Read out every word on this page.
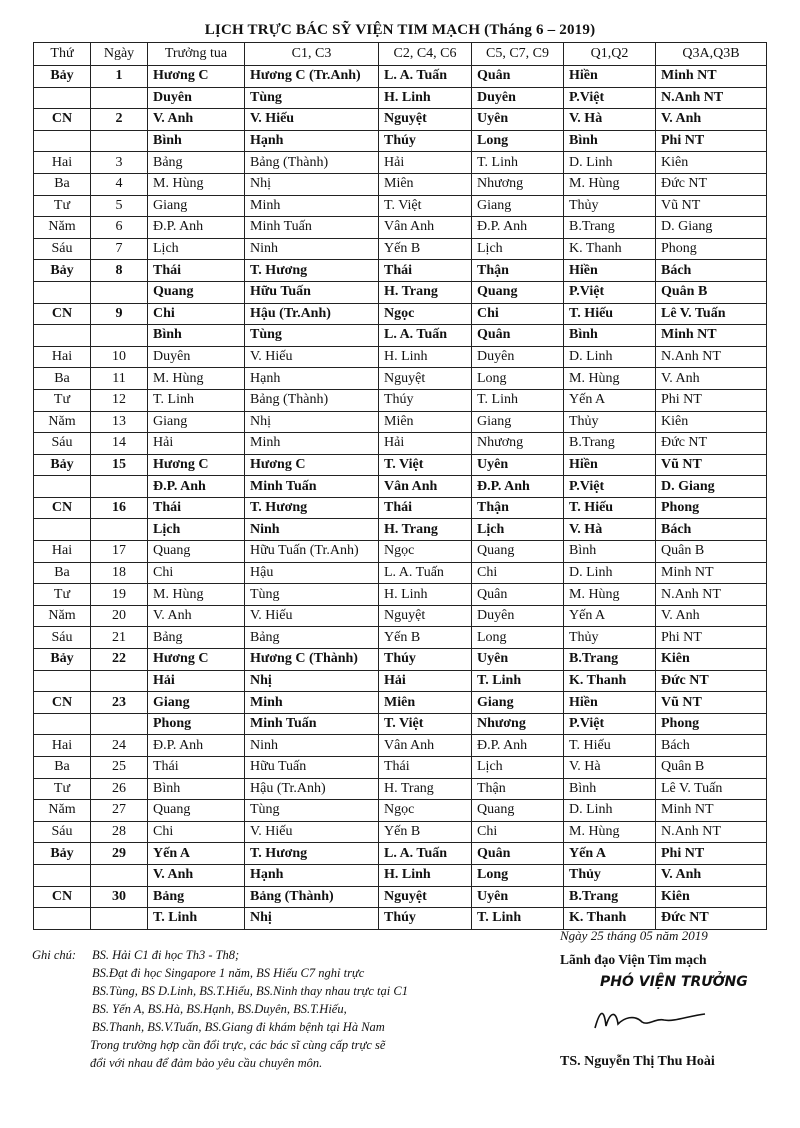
LỊCH TRỰC BÁC SỸ VIỆN TIM MẠCH (Tháng 6 – 2019)
Thứ	Ngày	Trưởng tua	C1, C3	C2, C4, C6	C5, C7, C9	Q1,Q2	Q3A,Q3B
Bảy	1	Hương C	Hương C (Tr.Anh)	L. A. Tuấn	Quân	Hiền	Minh NT
		Duyên	Tùng	H. Linh	Duyên	P.Việt	N.Anh NT
CN	2	V. Anh	V. Hiếu	Nguyệt	Uyên	V. Hà	V. Anh
		Bình	Hạnh	Thúy	Long	Bình	Phi NT
Hai	3	Bảng	Bảng (Thành)	Hải	T. Linh	D. Linh	Kiên
Ba	4	M. Hùng	Nhị	Miên	Nhương	M. Hùng	Đức NT
Tư	5	Giang	Minh	T. Việt	Giang	Thủy	Vũ NT
Năm	6	Đ.P. Anh	Minh Tuấn	Vân Anh	Đ.P. Anh	B.Trang	D. Giang
Sáu	7	Lịch	Ninh	Yến B	Lịch	K. Thanh	Phong
Bảy	8	Thái	T. Hương	Thái	Thận	Hiền	Bách
		Quang	Hữu Tuấn	H. Trang	Quang	P.Việt	Quân B
CN	9	Chi	Hậu (Tr.Anh)	Ngọc	Chi	T. Hiếu	Lê V. Tuấn
		Bình	Tùng	L. A. Tuấn	Quân	Bình	Minh NT
Hai	10	Duyên	V. Hiếu	H. Linh	Duyên	D. Linh	N.Anh NT
Ba	11	M. Hùng	Hạnh	Nguyệt	Long	M. Hùng	V. Anh
Tư	12	T. Linh	Bảng (Thành)	Thúy	T. Linh	Yến A	Phi NT
Năm	13	Giang	Nhị	Miên	Giang	Thủy	Kiên
Sáu	14	Hải	Minh	Hải	Nhương	B.Trang	Đức NT
Bảy	15	Hương C	Hương C	T. Việt	Uyên	Hiền	Vũ NT
		Đ.P. Anh	Minh Tuấn	Vân Anh	Đ.P. Anh	P.Việt	D. Giang
CN	16	Thái	T. Hương	Thái	Thận	T. Hiếu	Phong
		Lịch	Ninh	H. Trang	Lịch	V. Hà	Bách
Hai	17	Quang	Hữu Tuấn (Tr.Anh)	Ngọc	Quang	Bình	Quân B
Ba	18	Chi	Hậu	L. A. Tuấn	Chi	D. Linh	Minh NT
Tư	19	M. Hùng	Tùng	H. Linh	Quân	M. Hùng	N.Anh NT
Năm	20	V. Anh	V. Hiếu	Nguyệt	Duyên	Yến A	V. Anh
Sáu	21	Bảng	Bảng	Yến B	Long	Thủy	Phi NT
Bảy	22	Hương C	Hương C (Thành)	Thúy	Uyên	B.Trang	Kiên
		Hải	Nhị	Hải	T. Linh	K. Thanh	Đức NT
CN	23	Giang	Minh	Miên	Giang	Hiền	Vũ NT
		Phong	Minh Tuấn	T. Việt	Nhương	P.Việt	Phong
Hai	24	Đ.P. Anh	Ninh	Vân Anh	Đ.P. Anh	T. Hiếu	Bách
Ba	25	Thái	Hữu Tuấn	Thái	Lịch	V. Hà	Quân B
Tư	26	Bình	Hậu (Tr.Anh)	H. Trang	Thận	Bình	Lê V. Tuấn
Năm	27	Quang	Tùng	Ngọc	Quang	D. Linh	Minh NT
Sáu	28	Chi	V. Hiếu	Yến B	Chi	M. Hùng	N.Anh NT
Bảy	29	Yến A	T. Hương	L. A. Tuấn	Quân	Yến A	Phi NT
		V. Anh	Hạnh	H. Linh	Long	Thủy	V. Anh
CN	30	Bảng	Bảng (Thành)	Nguyệt	Uyên	B.Trang	Kiên
		T. Linh	Nhị	Thúy	T. Linh	K. Thanh	Đức NT
Ghi chú: BS. Hải C1 đi học Th3 - Th8;
BS.Đạt đi học Singapore 1 năm, BS Hiếu C7 nghỉ trực
BS.Tùng, BS D.Linh, BS.T.Hiếu, BS.Ninh thay nhau trực tại C1
BS. Yến A, BS.Hà, BS.Hạnh, BS.Duyên, BS.T.Hiếu,
BS.Thanh, BS.V.Tuấn, BS.Giang đi khám bệnh tại Hà Nam
Trong trường hợp cần đổi trực, các bác sĩ cùng cấp trực sẽ
đổi với nhau để đảm bảo yêu cầu chuyên môn.
Ngày 25 tháng 05 năm 2019
Lãnh đạo Viện Tim mạch
PHÓ VIỆN TRƯỞNG
TS. Nguyễn Thị Thu Hoài
